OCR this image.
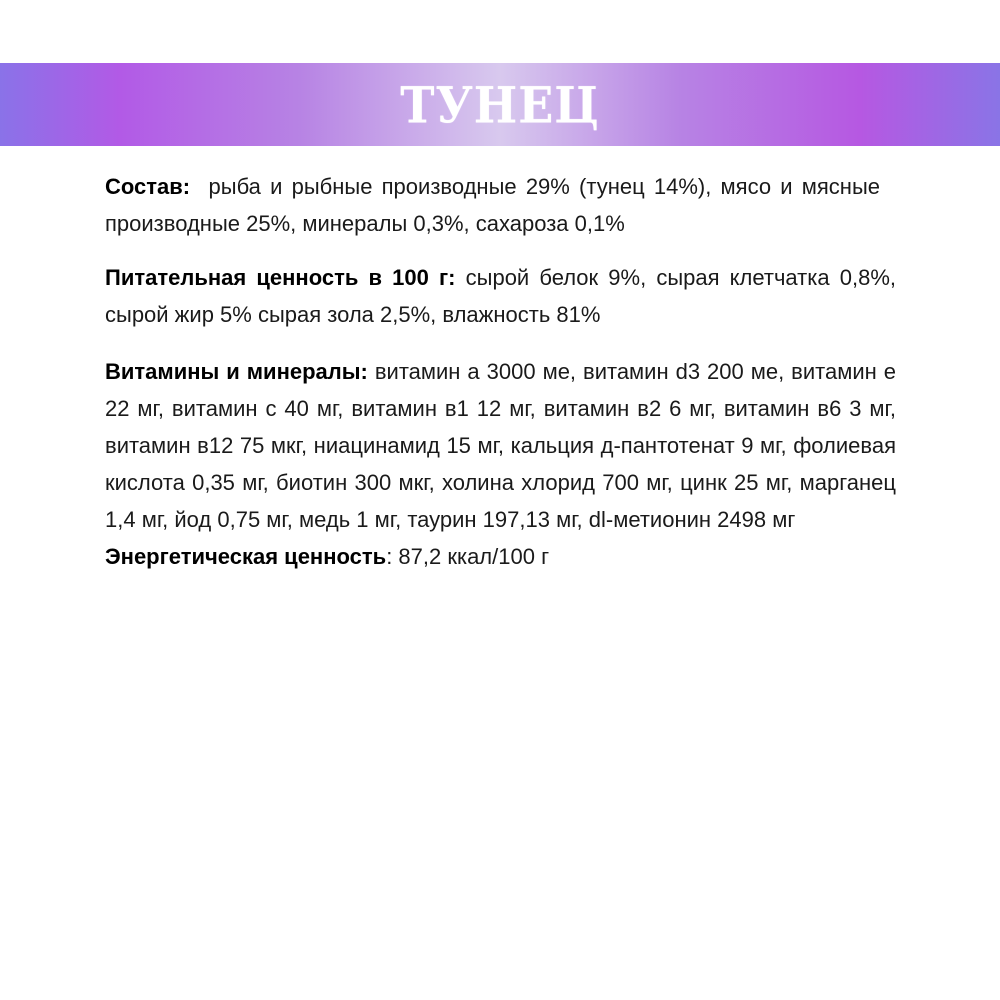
ТУНЕЦ

Состав:  рыба и рыбные производные 29% (тунец 14%), мясо и мясные производные 25%, минералы 0,3%, сахароза 0,1%

Питательная ценность в 100 г: сырой белок 9%, сырая клетчатка 0,8%, сырой жир 5% сырая зола 2,5%, влажность 81%

Витамины и минералы: витамин а 3000 ме, витамин d3 200 ме, витамин е 22 мг, витамин с 40 мг, витамин в1 12 мг, витамин в2 6 мг, витамин в6 3 мг, витамин в12 75 мкг, ниацинамид 15 мг, кальция д-пантотенат 9 мг, фолиевая кислота 0,35 мг, биотин 300 мкг, холина хлорид 700 мг, цинк 25 мг, марганец 1,4 мг, йод 0,75 мг, медь 1 мг, таурин 197,13 мг, dl-метионин 2498 мг

Энергетическая ценность: 87,2 ккал/100 г
